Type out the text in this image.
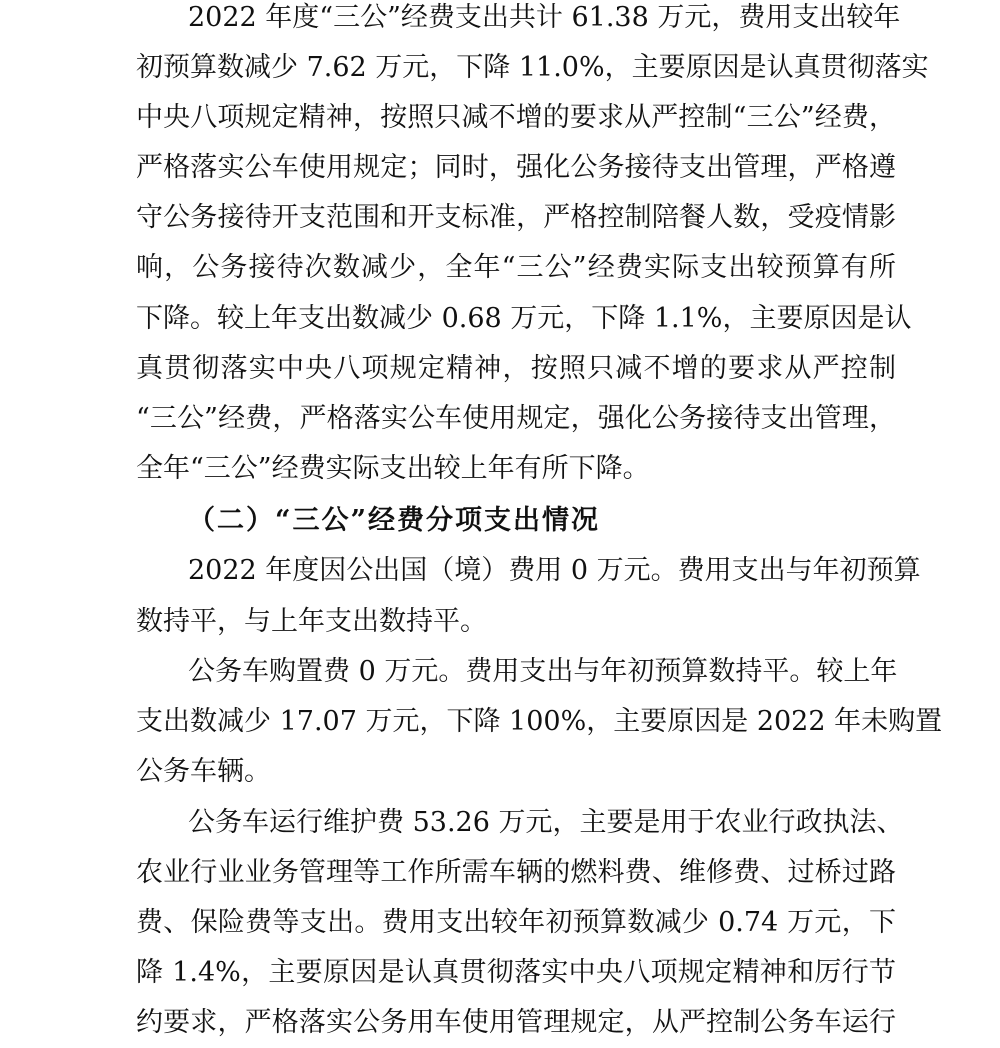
2022 年度“三公”经费支出共计 61.38 万元，费用支出较年
初预算数减少 7.62 万元，下降 11.0%，主要原因是认真贯彻落实
中央八项规定精神，按照只减不增的要求从严控制“三公”经费，
严格落实公车使用规定；同时，强化公务接待支出管理，严格遵
守公务接待开支范围和开支标准，严格控制陪餐人数，受疫情影
响，公务接待次数减少，全年“三公”经费实际支出较预算有所
下降。较上年支出数减少 0.68 万元，下降 1.1%，主要原因是认
真贯彻落实中央八项规定精神，按照只减不增的要求从严控制
“三公”经费，严格落实公车使用规定，强化公务接待支出管理，
全年“三公”经费实际支出较上年有所下降。
（二）“三公”经费分项支出情况
2022 年度因公出国（境）费用 0 万元。费用支出与年初预算
数持平，与上年支出数持平。
公务车购置费 0 万元。费用支出与年初预算数持平。较上年
支出数减少 17.07 万元，下降 100%，主要原因是 2022 年未购置
公务车辆。
公务车运行维护费 53.26 万元，主要是用于农业行政执法、
农业行业业务管理等工作所需车辆的燃料费、维修费、过桥过路
费、保险费等支出。费用支出较年初预算数减少 0.74 万元，下
降 1.4%，主要原因是认真贯彻落实中央八项规定精神和厉行节
约要求，严格落实公务用车使用管理规定，从严控制公务车运行
